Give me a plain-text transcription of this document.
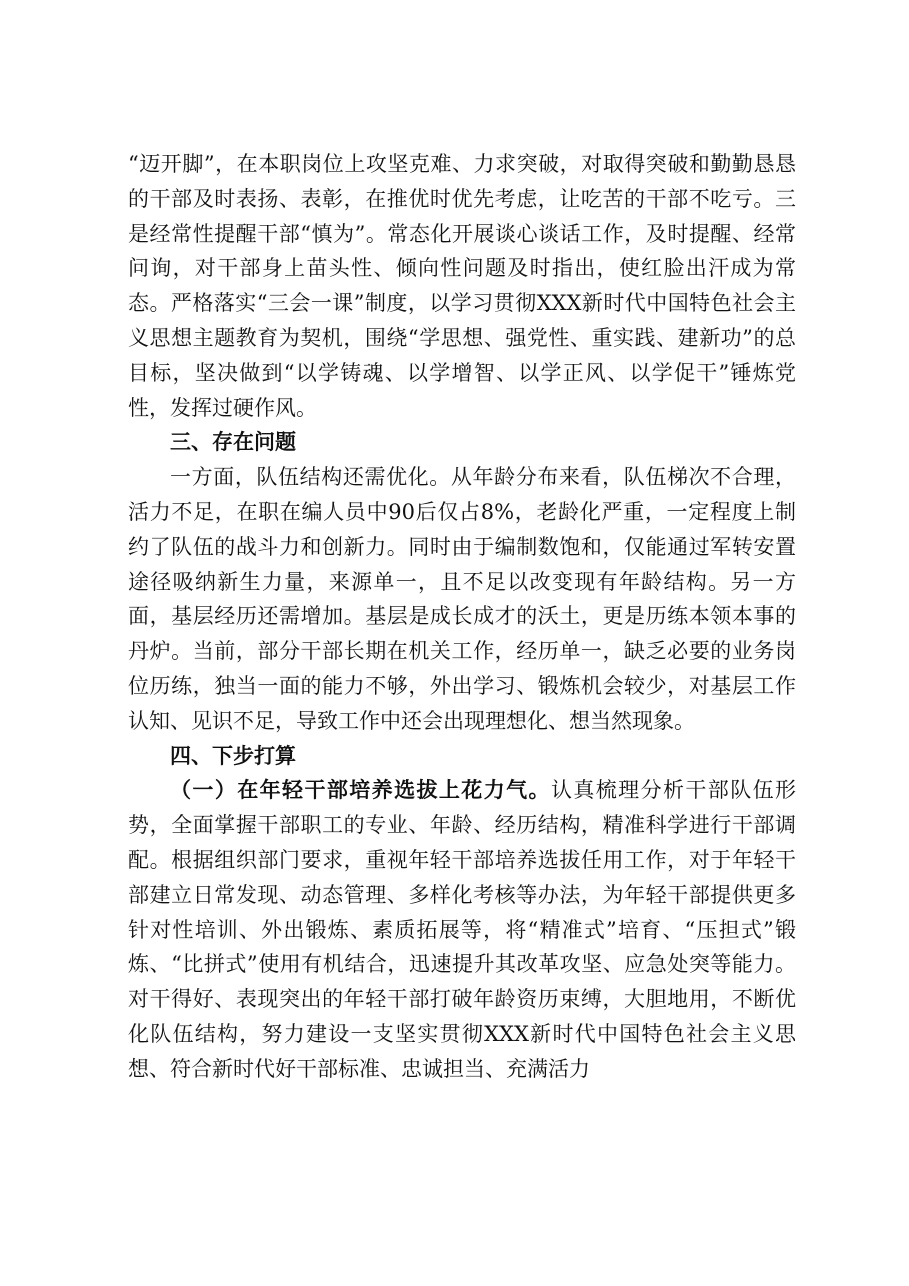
“迈开脚”，在本职岗位上攻坚克难、力求突破，对取得突破和勤勤恳恳的干部及时表扬、表彰，在推优时优先考虑，让吃苦的干部不吃亏。三是经常性提醒干部“慎为”。常态化开展谈心谈话工作，及时提醒、经常问询，对干部身上苗头性、倾向性问题及时指出，使红脸出汗成为常态。严格落实“三会一课”制度，以学习贯彻XXX新时代中国特色社会主义思想主题教育为契机，围绕“学思想、强党性、重实践、建新功”的总目标，坚决做到“以学铸魂、以学增智、以学正风、以学促干”锤炼党性，发挥过硬作风。

三、存在问题

一方面，队伍结构还需优化。从年龄分布来看，队伍梯次不合理，活力不足，在职在编人员中90后仅占8%，老龄化严重，一定程度上制约了队伍的战斗力和创新力。同时由于编制数饱和，仅能通过军转安置途径吸纳新生力量，来源单一，且不足以改变现有年龄结构。另一方面，基层经历还需增加。基层是成长成才的沃土，更是历练本领本事的丹炉。当前，部分干部长期在机关工作，经历单一，缺乏必要的业务岗位历练，独当一面的能力不够，外出学习、锻炼机会较少，对基层工作认知、见识不足，导致工作中还会出现理想化、想当然现象。

四、下步打算

（一）在年轻干部培养选拔上花力气。认真梳理分析干部队伍形势，全面掌握干部职工的专业、年龄、经历结构，精准科学进行干部调配。根据组织部门要求，重视年轻干部培养选拔任用工作，对于年轻干部建立日常发现、动态管理、多样化考核等办法，为年轻干部提供更多针对性培训、外出锻炼、素质拓展等，将“精准式”培育、“压担式”锻炼、“比拼式”使用有机结合，迅速提升其改革攻坚、应急处突等能力。对干得好、表现突出的年轻干部打破年龄资历束缚，大胆地用，不断优化队伍结构，努力建设一支坚实贯彻XXX新时代中国特色社会主义思想、符合新时代好干部标准、忠诚担当、充满活力
